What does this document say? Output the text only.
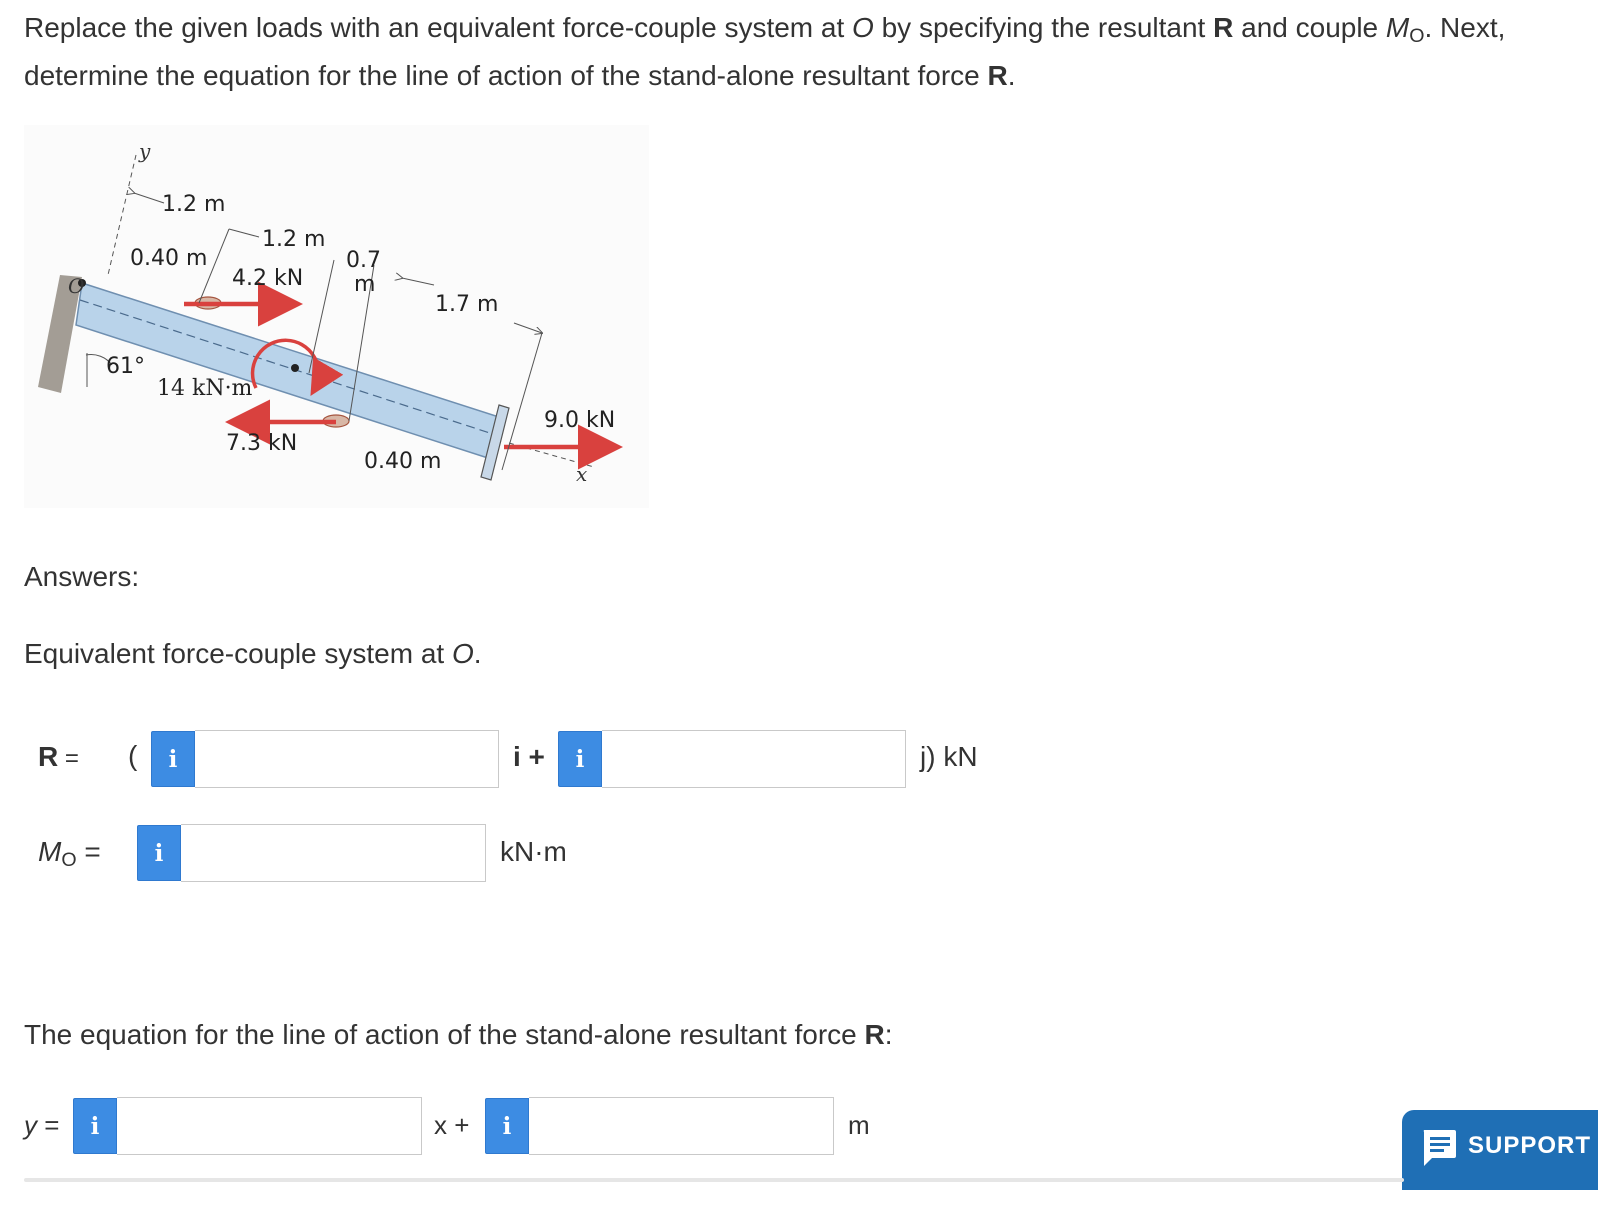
Replace the given loads with an equivalent force-couple system at O by specifying the resultant R and couple $M_O$. Next,
determine the equation for the line of action of the stand-alone resultant force R.
y
x
O
1.2 m
1.2 m
0.40 m
4.2 kN
0.7
m
1.7 m
61°
14 kN·m
9.0 kN
7.3 kN
0.40 m
Answers:
Equivalent force-couple system at O.
R = (	i	i +	i	j) kN
$M_O$ =	i	kN·m
The equation for the line of action of the stand-alone resultant force R:
y =	i	x +	i	m
SUPPORT
